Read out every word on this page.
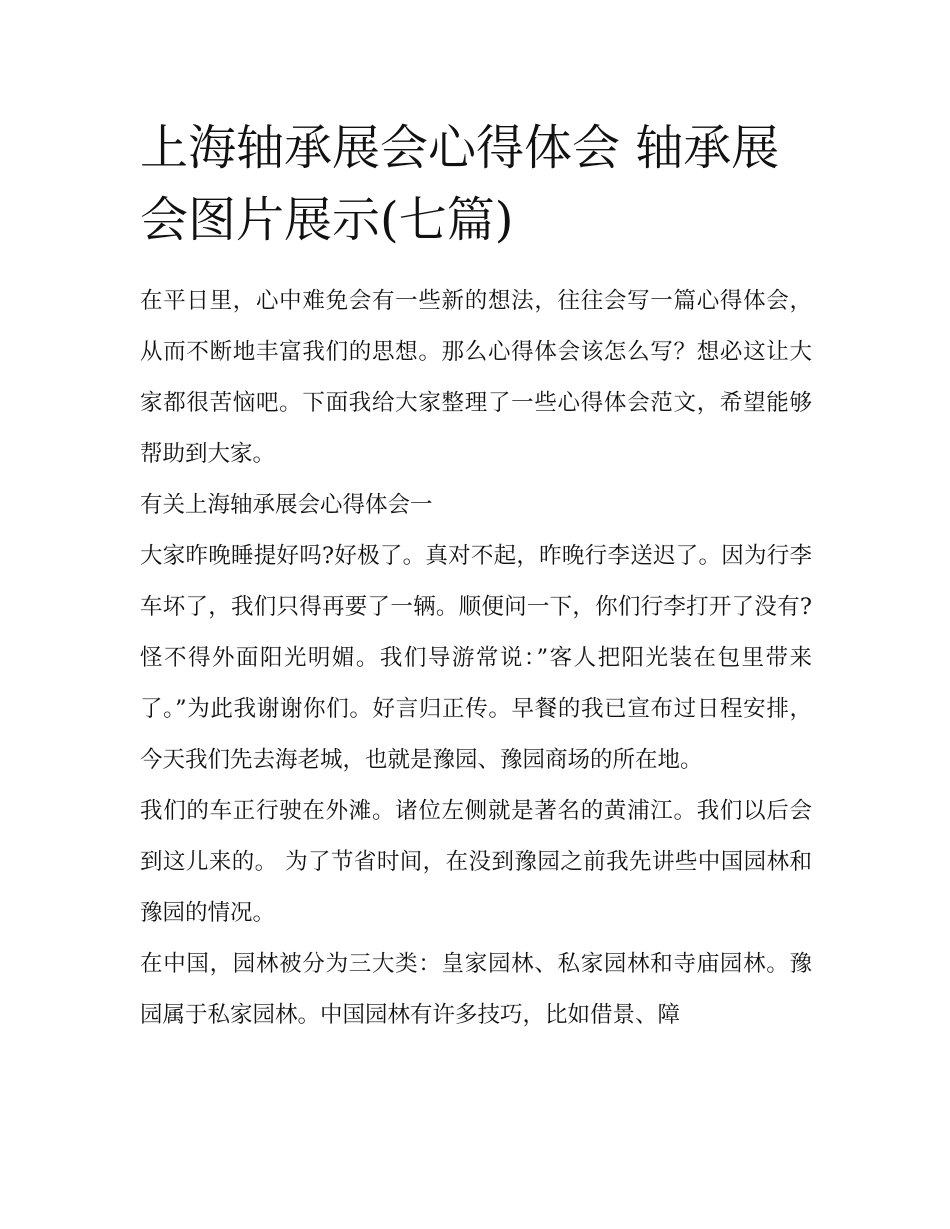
上海轴承展会心得体会 轴承展会图片展示(七篇)

在平日里，心中难免会有一些新的想法，往往会写一篇心得体会，从而不断地丰富我们的思想。那么心得体会该怎么写？想必这让大家都很苦恼吧。下面我给大家整理了一些心得体会范文，希望能够帮助到大家。

有关上海轴承展会心得体会一

大家昨晚睡提好吗?好极了。真对不起，昨晚行李送迟了。因为行李车坏了，我们只得再要了一辆。顺便问一下，你们行李打开了没有?怪不得外面阳光明媚。我们导游常说：”客人把阳光装在包里带来了。”为此我谢谢你们。好言归正传。早餐的我已宣布过日程安排，今天我们先去海老城，也就是豫园、豫园商场的所在地。

我们的车正行驶在外滩。诸位左侧就是著名的黄浦江。我们以后会到这儿来的。 为了节省时间，在没到豫园之前我先讲些中国园林和豫园的情况。

在中国，园林被分为三大类：皇家园林、私家园林和寺庙园林。豫园属于私家园林。中国园林有许多技巧，比如借景、障
